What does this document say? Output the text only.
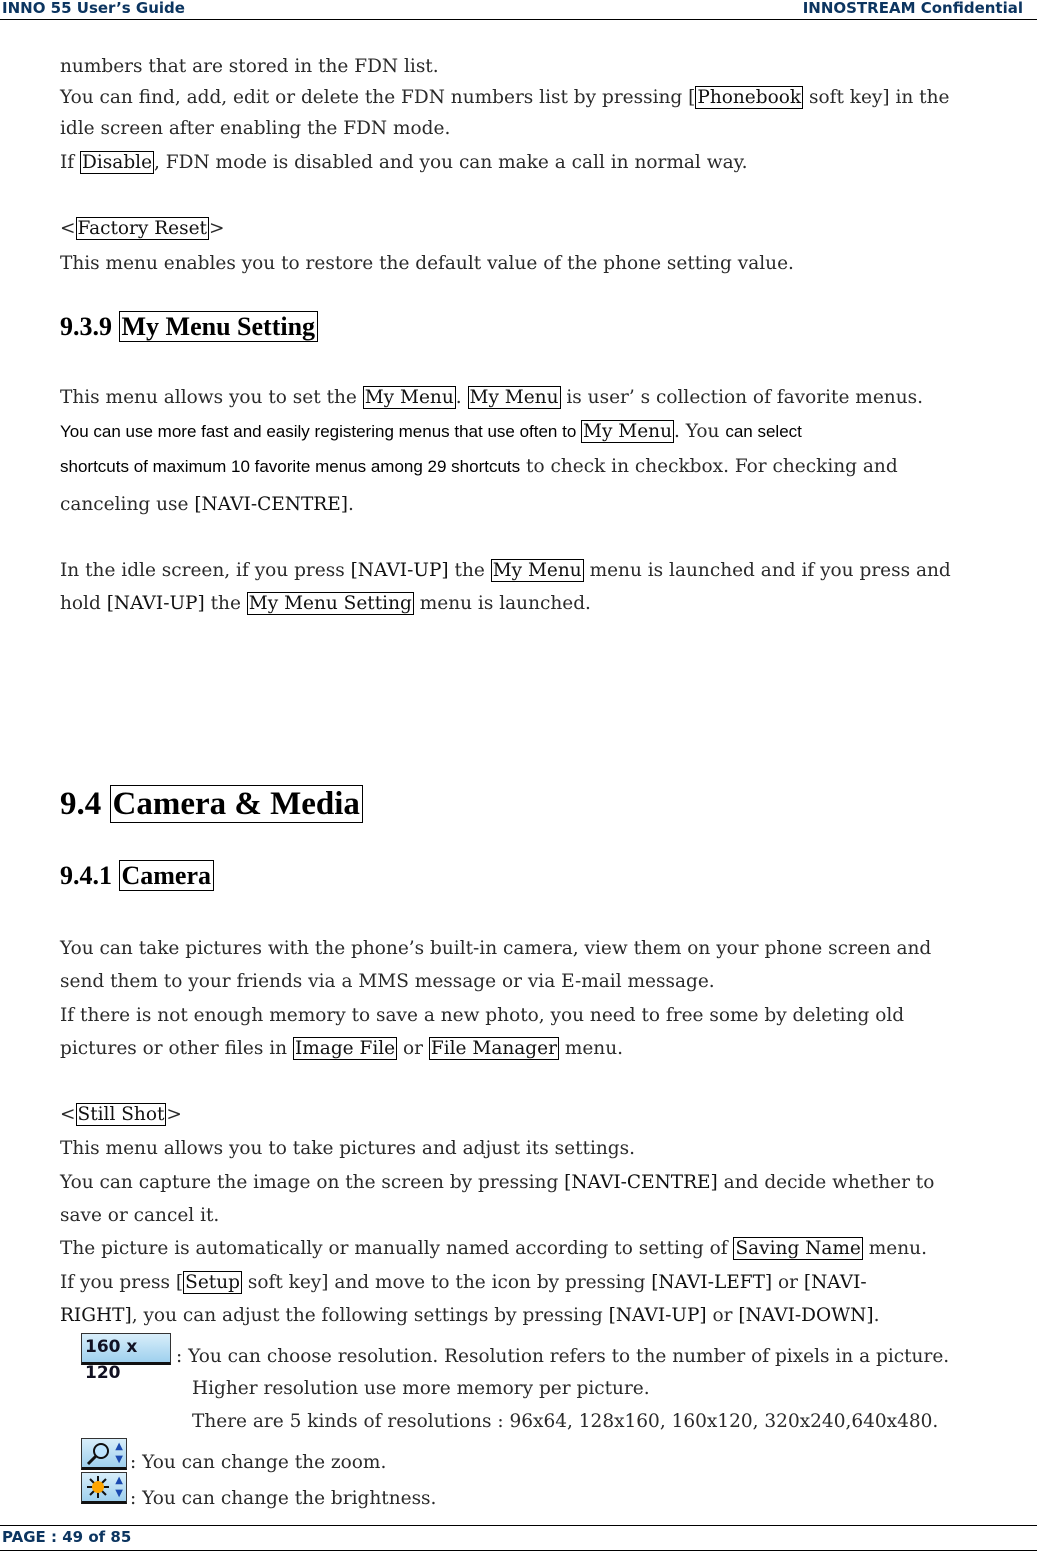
INNO 55 User’s Guide	INNOSTREAM Confidential
numbers that are stored in the FDN list.
You can find, add, edit or delete the FDN numbers list by pressing [ Phonebook soft key] in the
idle screen after enabling the FDN mode.
If Disable , FDN mode is disabled and you can make a call in normal way.
< Factory Reset >
This menu enables you to restore the default value of the phone setting value.
9.3.9 My Menu Setting
This menu allows you to set the My Menu . My Menu is user’ s collection of favorite menus.
You can use more fast and easily registering menus that use often to My Menu . You can select
shortcuts of maximum 10 favorite menus among 29 shortcuts to check in checkbox. For checking and
canceling use [NAVI-CENTRE].
In the idle screen, if you press [NAVI-UP] the My Menu menu is launched and if you press and
hold [NAVI-UP] the My Menu Setting menu is launched.
9.4 Camera & Media
9.4.1 Camera
You can take pictures with the phone’s built-in camera, view them on your phone screen and
send them to your friends via a MMS message or via E-mail message.
If there is not enough memory to save a new photo, you need to free some by deleting old
pictures or other files in Image File or File Manager menu.
< Still Shot >
This menu allows you to take pictures and adjust its settings.
You can capture the image on the screen by pressing [NAVI-CENTRE] and decide whether to
save or cancel it.
The picture is automatically or manually named according to setting of Saving Name menu.
If you press [ Setup soft key] and move to the icon by pressing [NAVI-LEFT] or [NAVI-
RIGHT], you can adjust the following settings by pressing [NAVI-UP] or [NAVI-DOWN].
160 x 120
: You can choose resolution. Resolution refers to the number of pixels in a picture.
Higher resolution use more memory per picture.
There are 5 kinds of resolutions : 96x64, 128x160, 160x120, 320x240,640x480.
▲
▼ : You can change the zoom.
▲
▼ : You can change the brightness.
PAGE : 49 of 85
